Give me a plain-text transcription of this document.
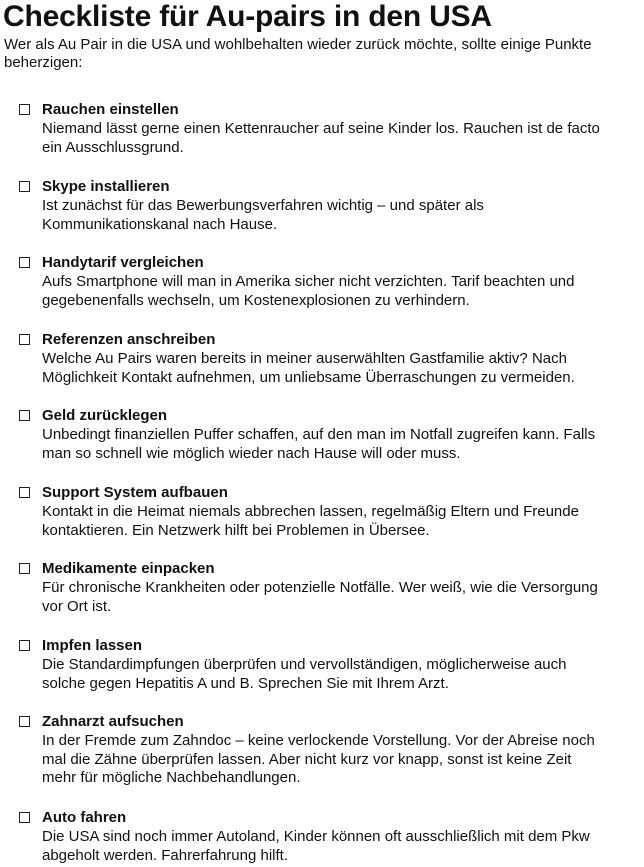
Checkliste für Au-pairs in den USA

Wer als Au Pair in die USA und wohlbehalten wieder zurück möchte, sollte einige Punkte
beherzigen:

Rauchen einstellen
Niemand lässt gerne einen Kettenraucher auf seine Kinder los. Rauchen ist de facto
ein Ausschlussgrund.
Skype installieren
Ist zunächst für das Bewerbungsverfahren wichtig – und später als
Kommunikationskanal nach Hause.
Handytarif vergleichen
Aufs Smartphone will man in Amerika sicher nicht verzichten. Tarif beachten und
gegebenenfalls wechseln, um Kostenexplosionen zu verhindern.
Referenzen anschreiben
Welche Au Pairs waren bereits in meiner auserwählten Gastfamilie aktiv? Nach
Möglichkeit Kontakt aufnehmen, um unliebsame Überraschungen zu vermeiden.
Geld zurücklegen
Unbedingt finanziellen Puffer schaffen, auf den man im Notfall zugreifen kann. Falls
man so schnell wie möglich wieder nach Hause will oder muss.
Support System aufbauen
Kontakt in die Heimat niemals abbrechen lassen, regelmäßig Eltern und Freunde
kontaktieren. Ein Netzwerk hilft bei Problemen in Übersee.
Medikamente einpacken
Für chronische Krankheiten oder potenzielle Notfälle. Wer weiß, wie die Versorgung
vor Ort ist.
Impfen lassen
Die Standardimpfungen überprüfen und vervollständigen, möglicherweise auch
solche gegen Hepatitis A und B. Sprechen Sie mit Ihrem Arzt.
Zahnarzt aufsuchen
In der Fremde zum Zahndoc – keine verlockende Vorstellung. Vor der Abreise noch
mal die Zähne überprüfen lassen. Aber nicht kurz vor knapp, sonst ist keine Zeit
mehr für mögliche Nachbehandlungen.
Auto fahren
Die USA sind noch immer Autoland, Kinder können oft ausschließlich mit dem Pkw
abgeholt werden. Fahrerfahrung hilft.
